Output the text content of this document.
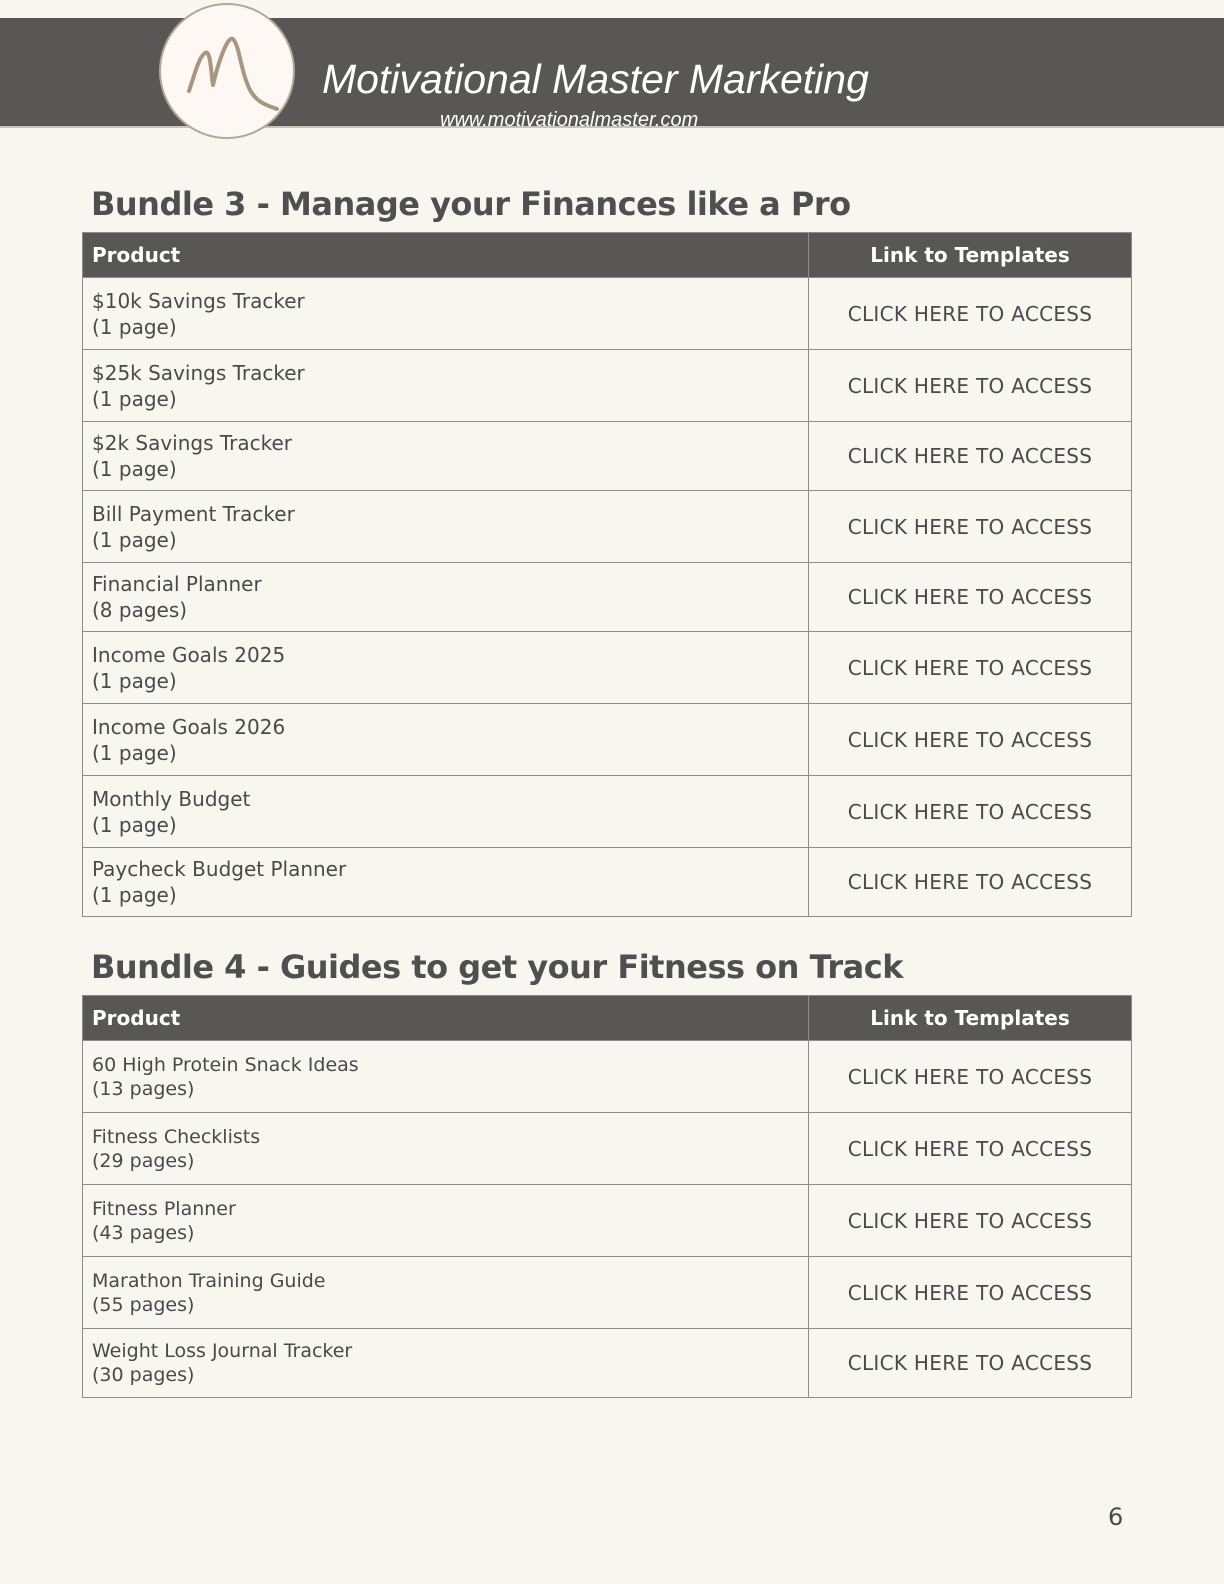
Motivational Master Marketing
www.motivationalmaster.com
Bundle 3 - Manage your Finances like a Pro
Product	Link to Templates

$10k Savings Tracker
(1 page)	CLICK HERE TO ACCESS

$25k Savings Tracker
(1 page)	CLICK HERE TO ACCESS

$2k Savings Tracker
(1 page)	CLICK HERE TO ACCESS

Bill Payment Tracker
(1 page)	CLICK HERE TO ACCESS

Financial Planner
(8 pages)	CLICK HERE TO ACCESS

Income Goals 2025
(1 page)	CLICK HERE TO ACCESS

Income Goals 2026
(1 page)	CLICK HERE TO ACCESS

Monthly Budget
(1 page)	CLICK HERE TO ACCESS

Paycheck Budget Planner
(1 page)	CLICK HERE TO ACCESS
Bundle 4 - Guides to get your Fitness on Track
Product	Link to Templates

60 High Protein Snack Ideas
(13 pages)	CLICK HERE TO ACCESS

Fitness Checklists
(29 pages)	CLICK HERE TO ACCESS

Fitness Planner
(43 pages)	CLICK HERE TO ACCESS

Marathon Training Guide
(55 pages)	CLICK HERE TO ACCESS

Weight Loss Journal Tracker
(30 pages)	CLICK HERE TO ACCESS
6
